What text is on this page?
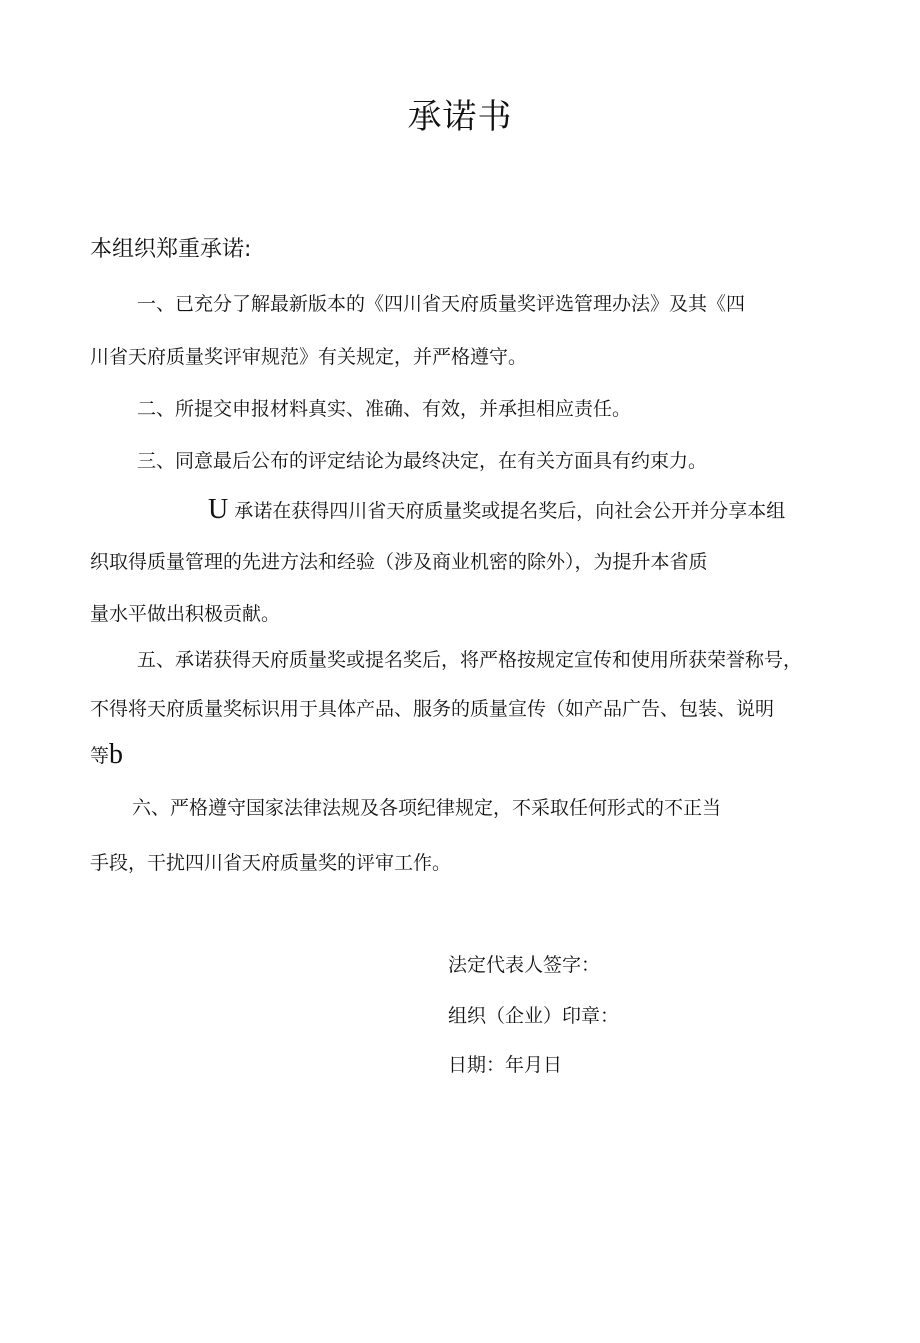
承诺书

本组织郑重承诺:

一、已充分了解最新版本的《四川省天府质量奖评选管理办法》及其《四

川省天府质量奖评审规范》有关规定，并严格遵守。

二、所提交申报材料真实、准确、有效，并承担相应责任。

三、同意最后公布的评定结论为最终决定，在有关方面具有约束力。

U 承诺在获得四川省天府质量奖或提名奖后，向社会公开并分享本组

织取得质量管理的先进方法和经验（涉及商业机密的除外），为提升本省质

量水平做出积极贡献。

五、承诺获得天府质量奖或提名奖后，将严格按规定宣传和使用所获荣誉称号，

不得将天府质量奖标识用于具体产品、服务的质量宣传（如产品广告、包装、说明

等b

六、严格遵守国家法律法规及各项纪律规定，不采取任何形式的不正当

手段，干扰四川省天府质量奖的评审工作。

法定代表人签字：

组织（企业）印章：

日期：年月日
